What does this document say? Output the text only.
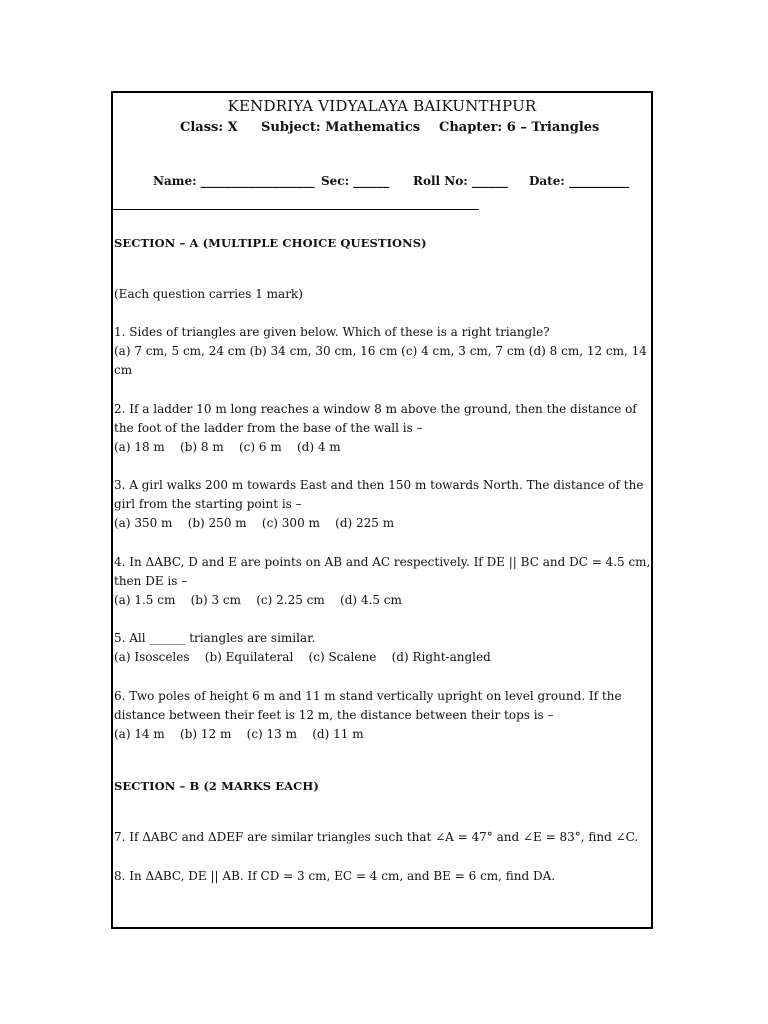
KENDRIYA VIDYALAYA BAIKUNTHPUR
Class: X Subject: Mathematics Chapter: 6 – Triangles
Name: ___________________ Sec: ______ Roll No: ______ Date: __________

SECTION – A (MULTIPLE CHOICE QUESTIONS)

(Each question carries 1 mark)

1. Sides of triangles are given below. Which of these is a right triangle?

(a) 7 cm, 5 cm, 24 cm (b) 34 cm, 30 cm, 16 cm (c) 4 cm, 3 cm, 7 cm (d) 8 cm, 12 cm, 14 cm

2. If a ladder 10 m long reaches a window 8 m above the ground, then the distance of the foot of the ladder from the base of the wall is –

(a) 18 m    (b) 8 m    (c) 6 m    (d) 4 m

3. A girl walks 200 m towards East and then 150 m towards North. The distance of the girl from the starting point is –

(a) 350 m    (b) 250 m    (c) 300 m    (d) 225 m

4. In ΔABC, D and E are points on AB and AC respectively. If DE || BC and DC = 4.5 cm, then DE is –

(a) 1.5 cm    (b) 3 cm    (c) 2.25 cm    (d) 4.5 cm

5. All ______ triangles are similar.

(a) Isosceles    (b) Equilateral    (c) Scalene    (d) Right-angled

6. Two poles of height 6 m and 11 m stand vertically upright on level ground. If the distance between their feet is 12 m, the distance between their tops is –

(a) 14 m    (b) 12 m    (c) 13 m    (d) 11 m

SECTION – B (2 MARKS EACH)

7. If ΔABC and ΔDEF are similar triangles such that ∠A = 47° and ∠E = 83°, find ∠C.

8. In ΔABC, DE || AB. If CD = 3 cm, EC = 4 cm, and BE = 6 cm, find DA.
